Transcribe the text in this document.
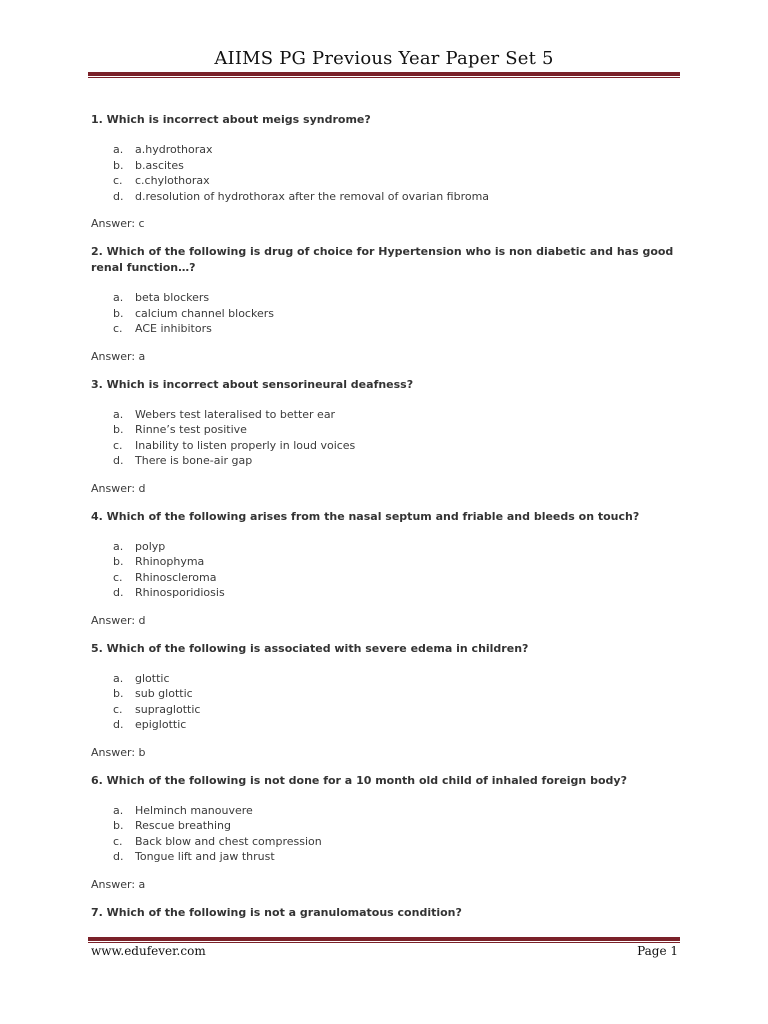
AIIMS PG Previous Year Paper Set 5

1. Which is incorrect about meigs syndrome?

a.	a.hydrothorax
b.	b.ascites
c.	c.chylothorax
d.	d.resolution of hydrothorax after the removal of ovarian fibroma
Answer: c

2. Which of the following is drug of choice for Hypertension who is non diabetic and has good renal function…?

a.	beta blockers
b.	calcium channel blockers
c.	ACE inhibitors
Answer: a

3. Which is incorrect about sensorineural deafness?

a.	Webers test lateralised to better ear
b.	Rinne’s test positive
c.	Inability to listen properly in loud voices
d.	There is bone-air gap
Answer: d

4. Which of the following arises from the nasal septum and friable and bleeds on touch?

a.	polyp
b.	Rhinophyma
c.	Rhinoscleroma
d.	Rhinosporidiosis
Answer: d

5. Which of the following is associated with severe edema in children?

a.	glottic
b.	sub glottic
c.	supraglottic
d.	epiglottic
Answer: b

6. Which of the following is not done for a 10 month old child of inhaled foreign body?

a.	Helminch manouvere
b.	Rescue breathing
c.	Back blow and chest compression
d.	Tongue lift and jaw thrust
Answer: a

7. Which of the following is not a granulomatous condition?

www.edufever.com	Page 1
